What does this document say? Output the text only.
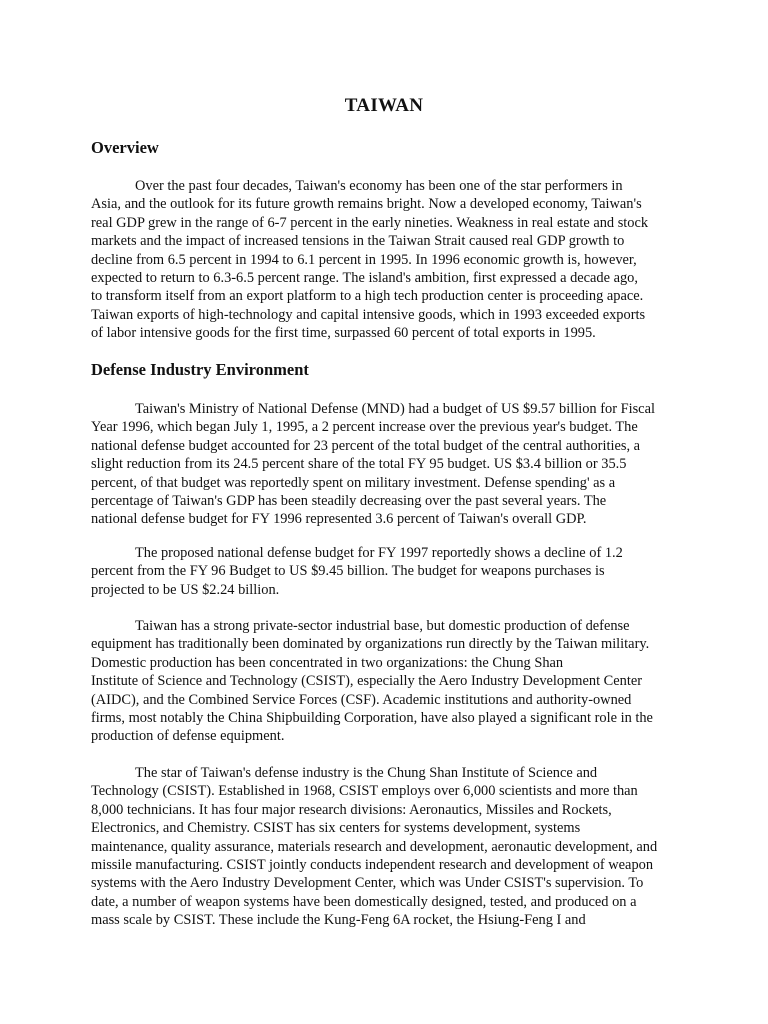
TAIWAN
Overview

Over the past four decades, Taiwan's economy has been one of the star performers in
Asia, and the outlook for its future growth remains bright. Now a developed economy, Taiwan's
real GDP grew in the range of 6-7 percent in the early nineties. Weakness in real estate and stock
markets and the impact of increased tensions in the Taiwan Strait caused real GDP growth to
decline from 6.5 percent in 1994 to 6.1 percent in 1995. In 1996 economic growth is, however,
expected to return to 6.3-6.5 percent range. The island's ambition, first expressed a decade ago,
to transform itself from an export platform to a high tech production center is proceeding apace.
Taiwan exports of high-technology and capital intensive goods, which in 1993 exceeded exports
of labor intensive goods for the first time, surpassed 60 percent of total exports in 1995.

Defense Industry Environment

Taiwan's Ministry of National Defense (MND) had a budget of US $9.57 billion for Fiscal
Year 1996, which began July 1, 1995, a 2 percent increase over the previous year's budget. The
national defense budget accounted for 23 percent of the total budget of the central authorities, a
slight reduction from its 24.5 percent share of the total FY 95 budget. US $3.4 billion or 35.5
percent, of that budget was reportedly spent on military investment. Defense spending' as a
percentage of Taiwan's GDP has been steadily decreasing over the past several years. The
national defense budget for FY 1996 represented 3.6 percent of Taiwan's overall GDP.

The proposed national defense budget for FY 1997 reportedly shows a decline of 1.2
percent from the FY 96 Budget to US $9.45 billion. The budget for weapons purchases is
projected to be US $2.24 billion.

Taiwan has a strong private-sector industrial base, but domestic production of defense
equipment has traditionally been dominated by organizations run directly by the Taiwan military.
Domestic production has been concentrated in two organizations: the Chung Shan
Institute of Science and Technology (CSIST), especially the Aero Industry Development Center
(AIDC), and the Combined Service Forces (CSF). Academic institutions and authority-owned
firms, most notably the China Shipbuilding Corporation, have also played a significant role in the
production of defense equipment.

The star of Taiwan's defense industry is the Chung Shan Institute of Science and
Technology (CSIST). Established in 1968, CSIST employs over 6,000 scientists and more than
8,000 technicians. It has four major research divisions: Aeronautics, Missiles and Rockets,
Electronics, and Chemistry. CSIST has six centers for systems development, systems
maintenance, quality assurance, materials research and development, aeronautic development, and
missile manufacturing. CSIST jointly conducts independent research and development of weapon
systems with the Aero Industry Development Center, which was Under CSIST's supervision. To
date, a number of weapon systems have been domestically designed, tested, and produced on a
mass scale by CSIST. These include the Kung-Feng 6A rocket, the Hsiung-Feng I and
